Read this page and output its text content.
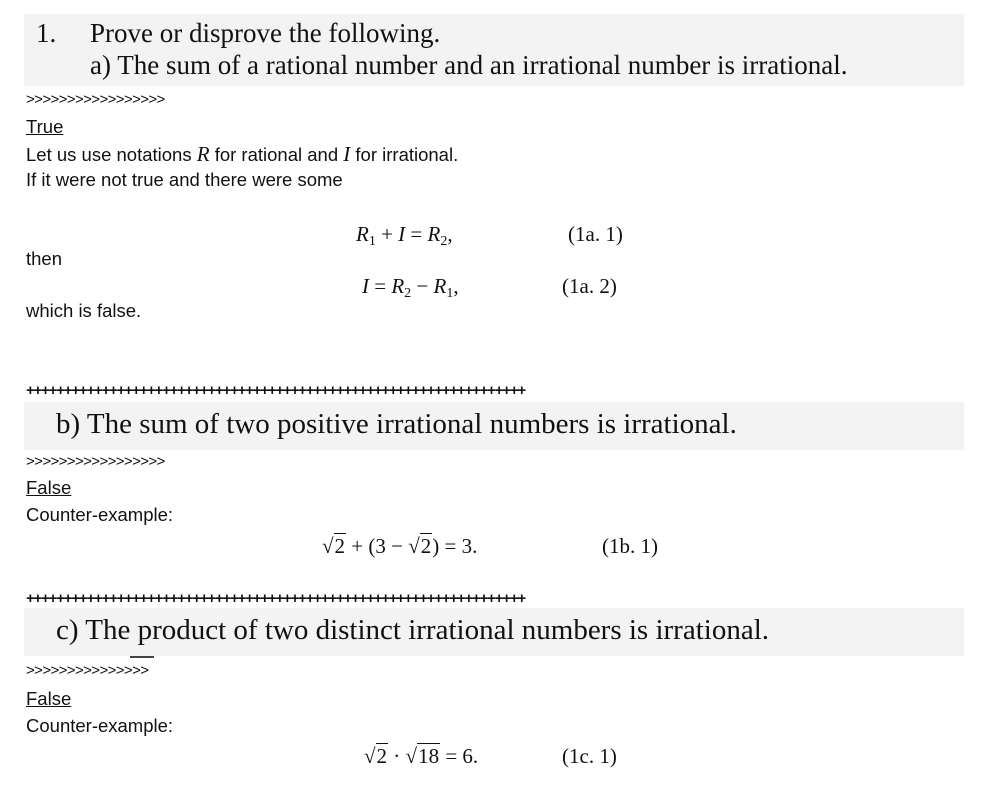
1. Prove or disprove the following.
a) The sum of a rational number and an irrational number is irrational.
>>>>>>>>>>>>>>>>>
True
Let us use notations R for rational and I for irrational.
If it were not true and there were some
$R_1 + I = R_2$,	(1a. 1)
then
$I = R_2 - R_1$,	(1a. 2)
which is false.
++++++++++++++++++++++++++++++++++++++++++++++++++++++++++++++++++
b) The sum of two positive irrational numbers is irrational.
>>>>>>>>>>>>>>>>>
False
Counter-example:
√2 + (3 − √2) = 3.	(1b. 1)
++++++++++++++++++++++++++++++++++++++++++++++++++++++++++++++++++
c) The product of two distinct irrational numbers is irrational.
>>>>>>>>>>>>>>>
False
Counter-example:
√2 · √18 = 6.	(1c. 1)
